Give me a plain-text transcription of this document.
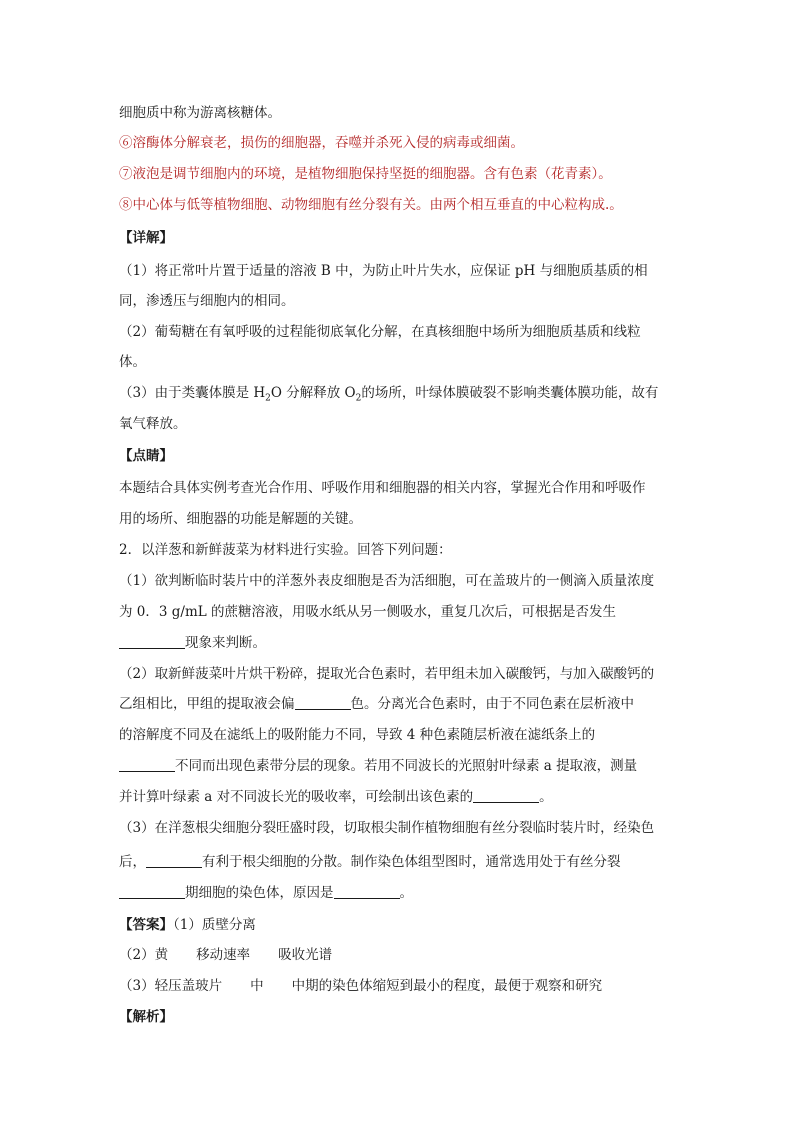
细胞质中称为游离核糖体。
⑥溶酶体分解衰老，损伤的细胞器，吞噬并杀死入侵的病毒或细菌。
⑦液泡是调节细胞内的环境，是植物细胞保持坚挺的细胞器。含有色素（花青素）。
⑧中心体与低等植物细胞、动物细胞有丝分裂有关。由两个相互垂直的中心粒构成.。
【详解】
（1）将正常叶片置于适量的溶液 B 中，为防止叶片失水，应保证 pH 与细胞质基质的相
同，渗透压与细胞内的相同。
（2）葡萄糖在有氧呼吸的过程能彻底氧化分解，在真核细胞中场所为细胞质基质和线粒
体。
（3）由于类囊体膜是 $H_2O$ 分解释放 $O_2$的场所，叶绿体膜破裂不影响类囊体膜功能，故有
氧气释放。
【点睛】
本题结合具体实例考查光合作用、呼吸作用和细胞器的相关内容，掌握光合作用和呼吸作
用的场所、细胞器的功能是解题的关键。
2．以洋葱和新鲜菠菜为材料进行实验。回答下列问题：
（1）欲判断临时装片中的洋葱外表皮细胞是否为活细胞，可在盖玻片的一侧滴入质量浓度
为 0．3 g/mL 的蔗糖溶液，用吸水纸从另一侧吸水，重复几次后，可根据是否发生
现象来判断。
（2）取新鲜菠菜叶片烘干粉碎，提取光合色素时，若甲组未加入碳酸钙，与加入碳酸钙的
乙组相比，甲组的提取液会偏	色。分离光合色素时，由于不同色素在层析液中
的溶解度不同及在滤纸上的吸附能力不同，导致 4 种色素随层析液在滤纸条上的
不同而出现色素带分层的现象。若用不同波长的光照射叶绿素 a 提取液，测量
并计算叶绿素 a 对不同波长光的吸收率，可绘制出该色素的	。
（3）在洋葱根尖细胞分裂旺盛时段，切取根尖制作植物细胞有丝分裂临时装片时，经染色
后，	有利于根尖细胞的分散。制作染色体组型图时，通常选用处于有丝分裂
期细胞的染色体，原因是	。
【答案】（1）质壁分离
（2）黄 移动速率 吸收光谱
（3）轻压盖玻片 中 中期的染色体缩短到最小的程度，最便于观察和研究
【解析】
